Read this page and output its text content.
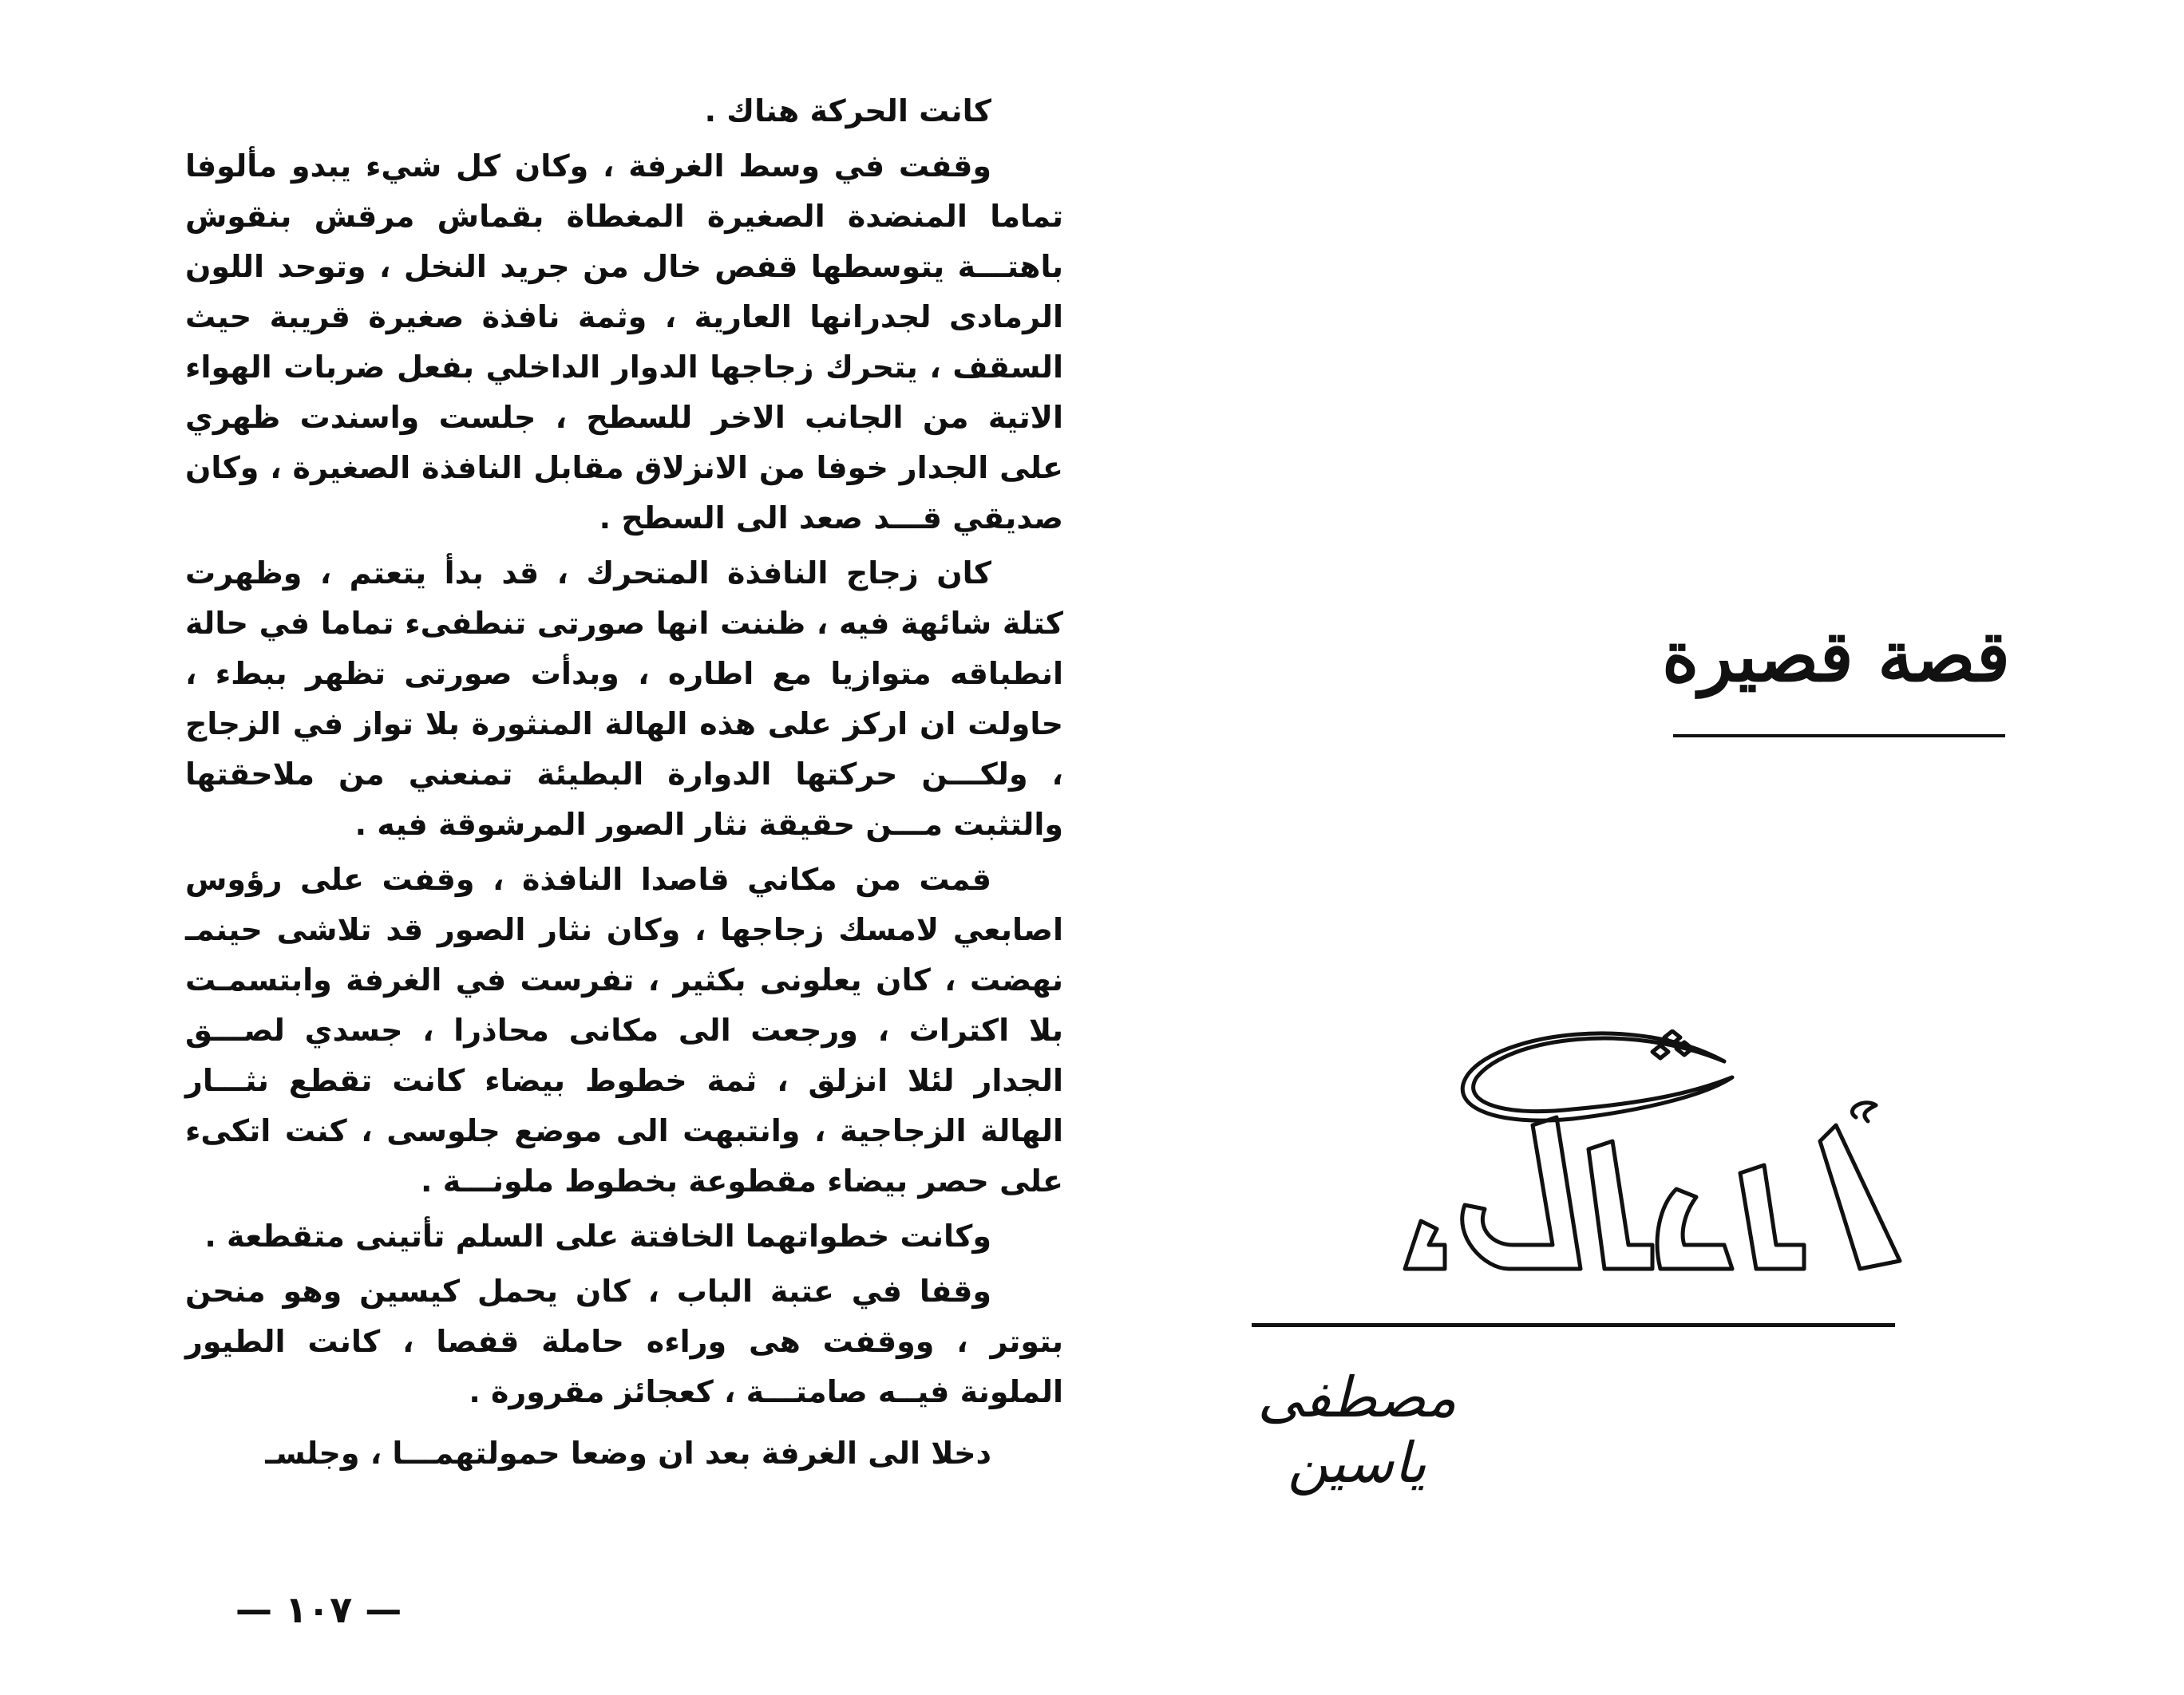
كانت الحركة هناك .

وقفت في وسط الغرفة ، وكان كل شيء يبدو مألوفا تماما المنضدة الصغيرة المغطاة بقماش مرقش بنقوش باهتـــة يتوسطها قفص خال من جريد النخل ، وتوحد اللون الرمادى لجدرانها العارية ، وثمة نافذة صغيرة قريبة حيث السقف ، يتحرك زجاجها الدوار الداخلي بفعل ضربات الهواء الاتية من الجانب الاخر للسطح ، جلست واسندت ظهري على الجدار خوفا من الانزلاق مقابل النافذة الصغيرة ، وكان صديقي قـــد صعد الى السطح .

كان زجاج النافذة المتحرك ، قد بدأ يتعتم ، وظهرت كتلة شائهة فيه ، ظننت انها صورتى تنطفىء تماما في حالة انطباقه متوازيا مع اطاره ، وبدأت صورتى تظهر ببطء ، حاولت ان اركز على هذه الهالة المنثورة بلا تواز في الزجاج ، ولكـــن حركتها الدوارة البطيئة تمنعني من ملاحقتها والتثبت مـــن حقيقة نثار الصور المرشوقة فيه .

قمت من مكاني قاصدا النافذة ، وقفت على رؤوس اصابعي لامسك زجاجها ، وكان نثار الصور قد تلاشى حينمـ نهضت ، كان يعلونى بكثير ، تفرست في الغرفة وابتسمـت بلا اكتراث ، ورجعت الى مكانى محاذرا ، جسدي لصـــق الجدار لئلا انزلق ، ثمة خطوط بيضاء كانت تقطع نثـــار الهالة الزجاجية ، وانتبهت الى موضع جلوسى ، كنت اتكىء على حصر بيضاء مقطوعة بخطوط ملونـــة .

وكانت خطواتهما الخافتة على السلم تأتينى متقطعة .

وقفا في عتبة الباب ، كان يحمل كيسين وهو منحن بتوتر ، ووقفت هى وراءه حاملة قفصا ، كانت الطيور الملونة فيــه صامتـــة ، كعجائز مقرورة .

دخلا الى الغرفة بعد ان وضعا حمولتهمـــا ، وجلسـ

— ١٠٧ —
قصة قصيرة
مصطفى ياسين
